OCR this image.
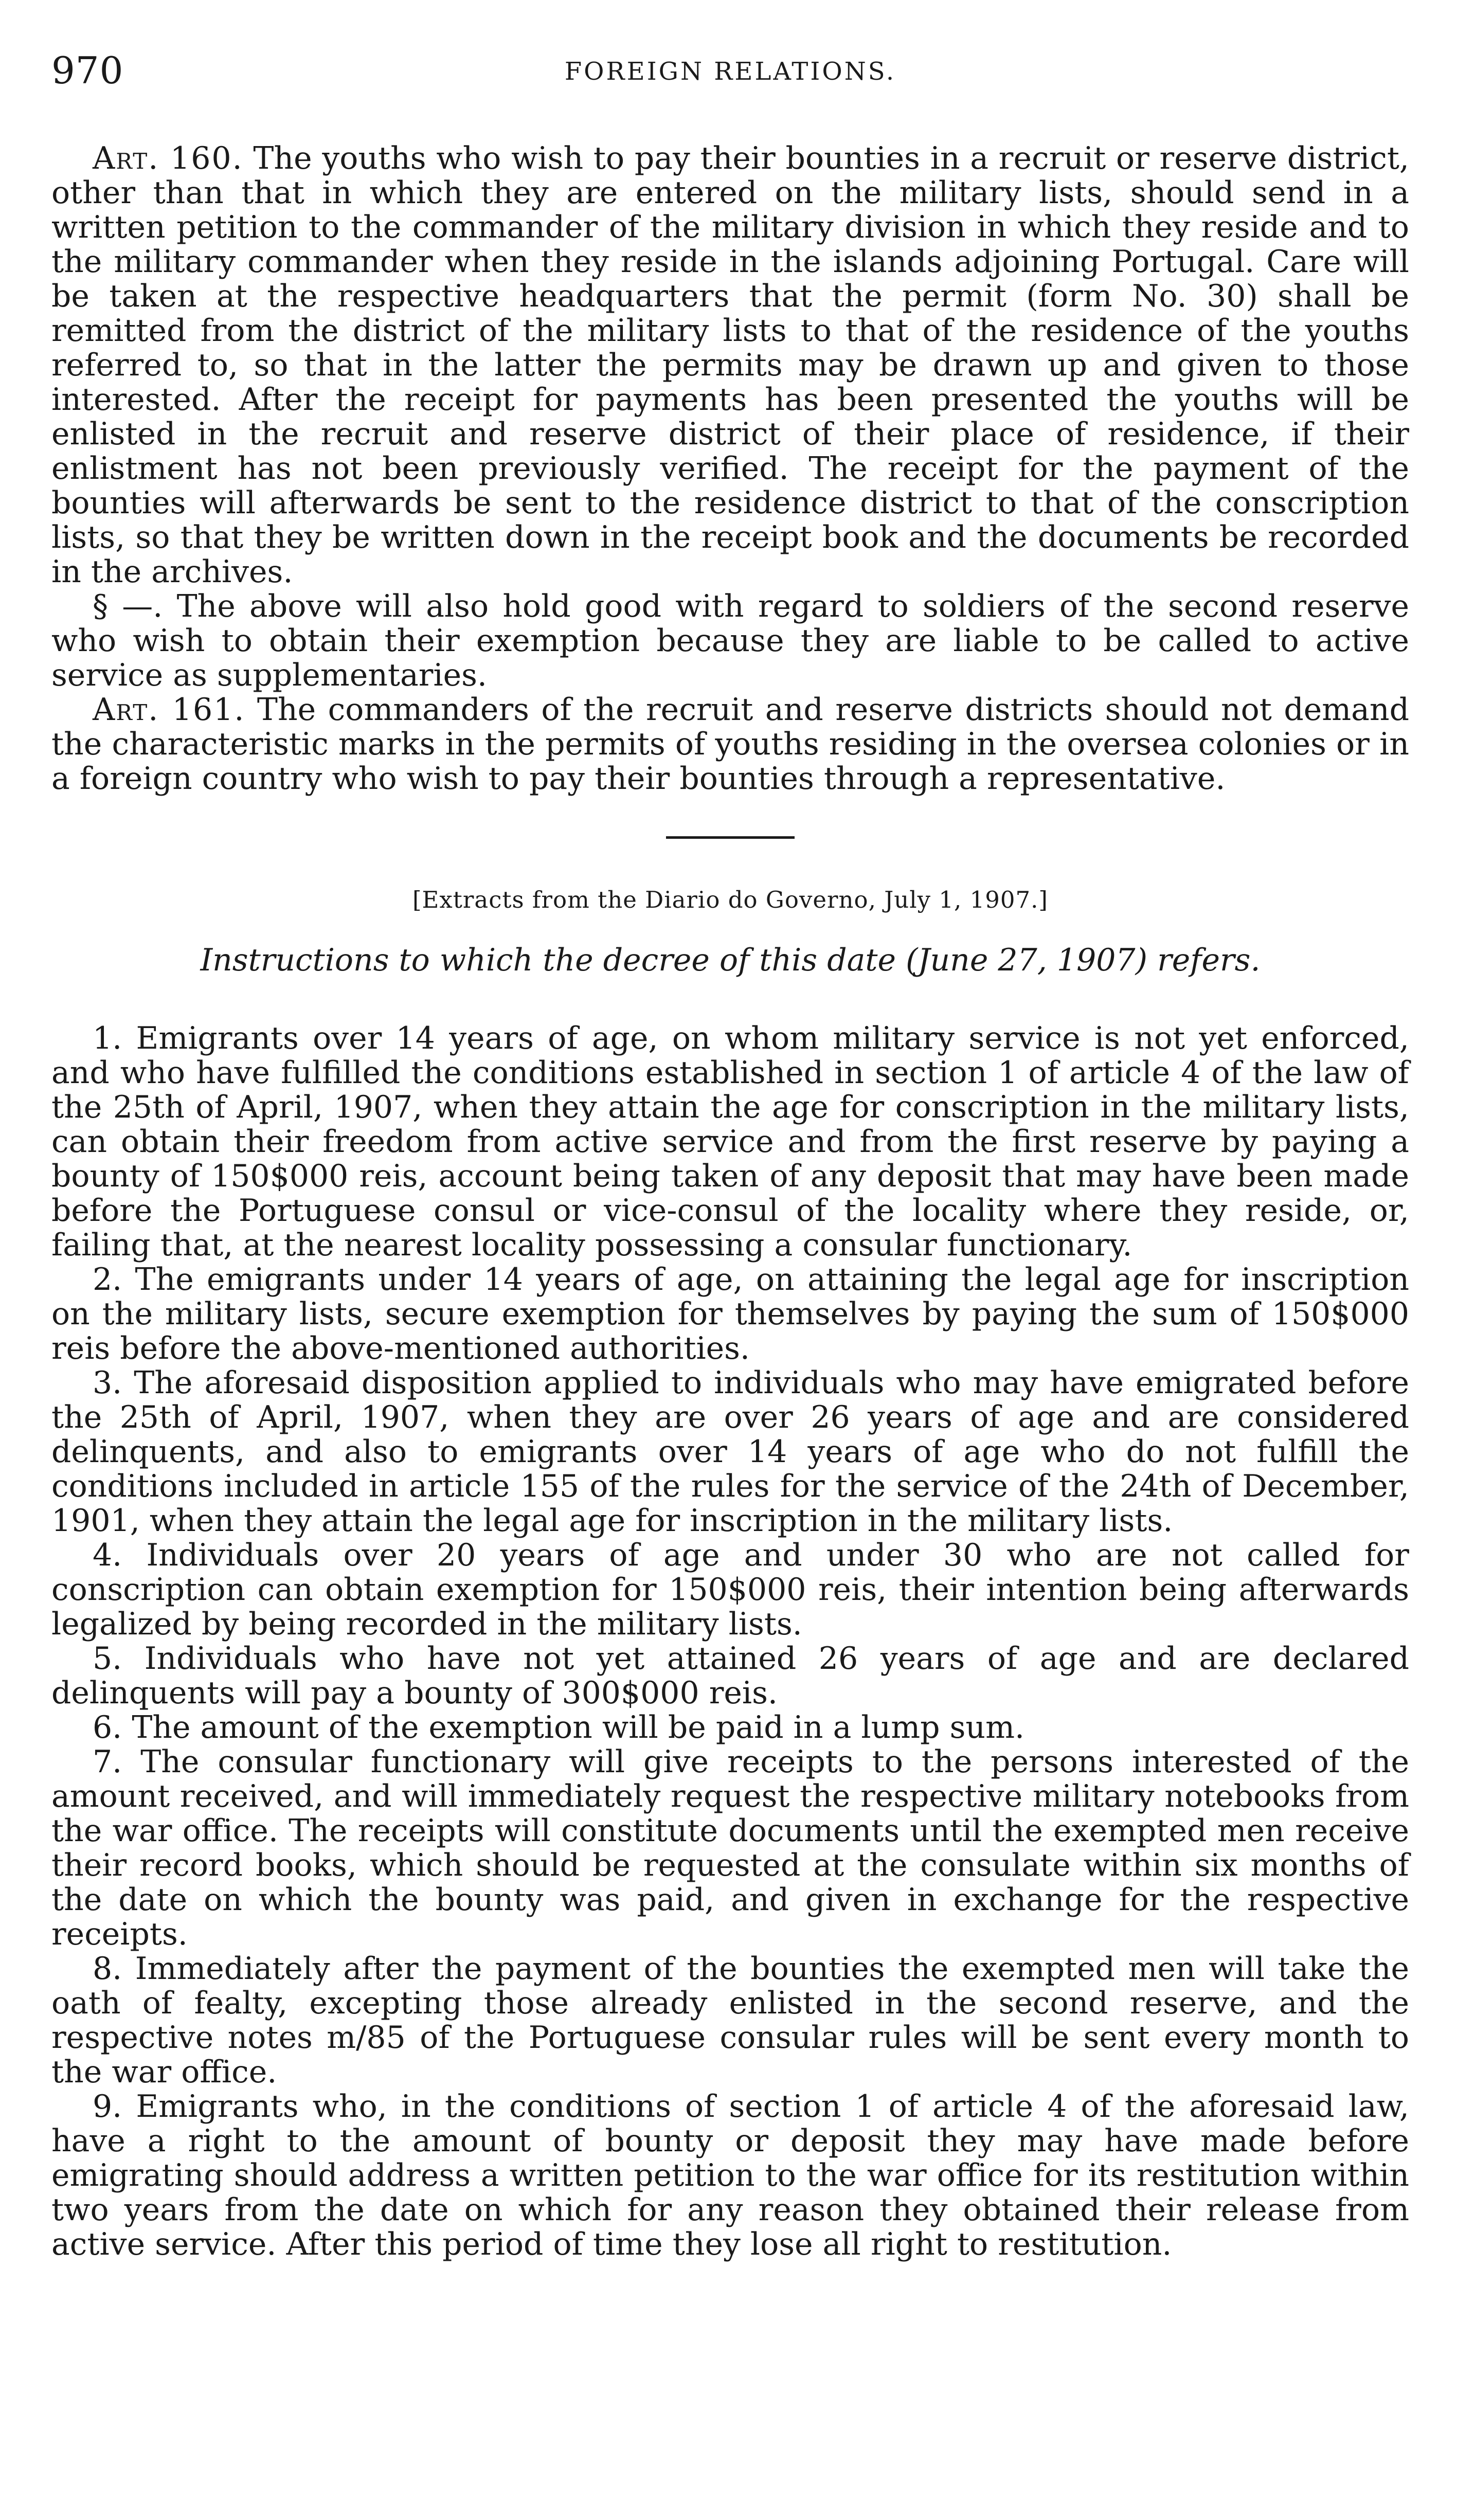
970	FOREIGN RELATIONS.

Art. 160. The youths who wish to pay their bounties in a recruit or reserve district, other than that in which they are entered on the military lists, should send in a written petition to the commander of the military division in which they reside and to the military commander when they reside in the islands adjoining Portugal. Care will be taken at the respective headquarters that the permit (form No. 30) shall be remitted from the district of the military lists to that of the residence of the youths referred to, so that in the latter the permits may be drawn up and given to those interested. After the receipt for payments has been presented the youths will be enlisted in the recruit and reserve district of their place of residence, if their enlistment has not been previously verified. The receipt for the payment of the bounties will afterwards be sent to the residence district to that of the conscription lists, so that they be written down in the receipt book and the documents be recorded in the archives.

§ —. The above will also hold good with regard to soldiers of the second reserve who wish to obtain their exemption because they are liable to be called to active service as supplementaries.

Art. 161. The commanders of the recruit and reserve districts should not demand the characteristic marks in the permits of youths residing in the oversea colonies or in a foreign country who wish to pay their bounties through a representative.

[Extracts from the Diario do Governo, July 1, 1907.]
Instructions to which the decree of this date (June 27, 1907) refers.

1. Emigrants over 14 years of age, on whom military service is not yet enforced, and who have fulfilled the conditions established in section 1 of article 4 of the law of the 25th of April, 1907, when they attain the age for conscription in the military lists, can obtain their freedom from active service and from the first reserve by paying a bounty of 150$000 reis, account being taken of any deposit that may have been made before the Portuguese consul or vice-consul of the locality where they reside, or, failing that, at the nearest locality possessing a consular functionary.

2. The emigrants under 14 years of age, on attaining the legal age for inscription on the military lists, secure exemption for themselves by paying the sum of 150$000 reis before the above-mentioned authorities.

3. The aforesaid disposition applied to individuals who may have emigrated before the 25th of April, 1907, when they are over 26 years of age and are considered delinquents, and also to emigrants over 14 years of age who do not fulfill the conditions included in article 155 of the rules for the service of the 24th of December, 1901, when they attain the legal age for inscription in the military lists.

4. Individuals over 20 years of age and under 30 who are not called for conscription can obtain exemption for 150$000 reis, their intention being afterwards legalized by being recorded in the military lists.

5. Individuals who have not yet attained 26 years of age and are declared delinquents will pay a bounty of 300$000 reis.

6. The amount of the exemption will be paid in a lump sum.

7. The consular functionary will give receipts to the persons interested of the amount received, and will immediately request the respective military notebooks from the war office. The receipts will constitute documents until the exempted men receive their record books, which should be requested at the consulate within six months of the date on which the bounty was paid, and given in exchange for the respective receipts.

8. Immediately after the payment of the bounties the exempted men will take the oath of fealty, excepting those already enlisted in the second reserve, and the respective notes m/85 of the Portuguese consular rules will be sent every month to the war office.

9. Emigrants who, in the conditions of section 1 of article 4 of the aforesaid law, have a right to the amount of bounty or deposit they may have made before emigrating should address a written petition to the war office for its restitution within two years from the date on which for any reason they obtained their release from active service. After this period of time they lose all right to restitution.
